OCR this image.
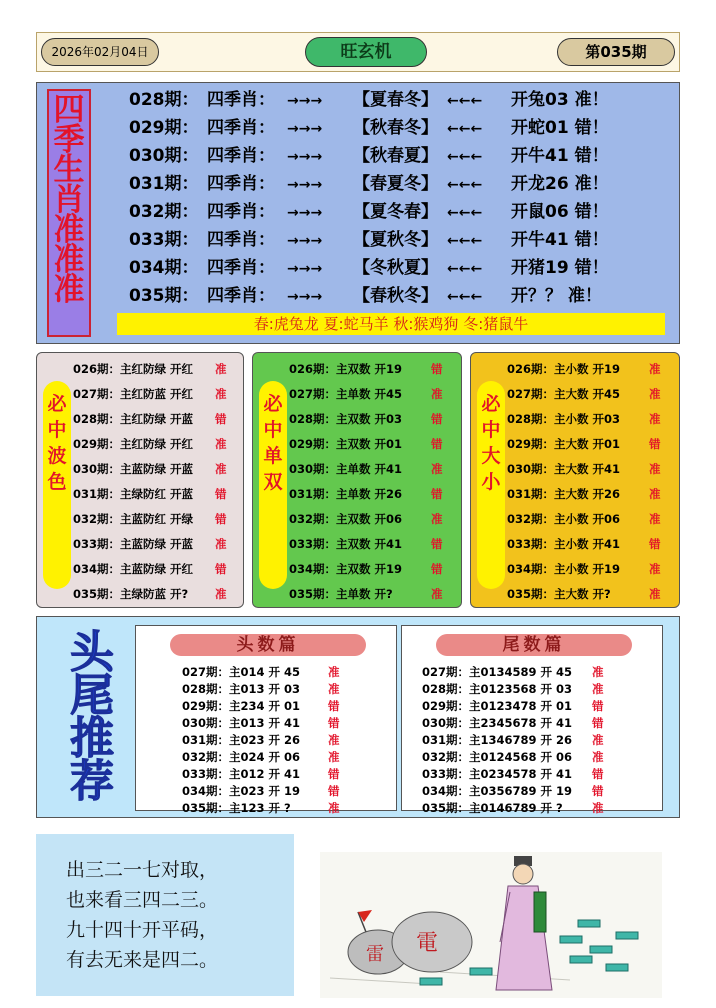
2026年02月04日	旺玄机	第035期
四
季
生
肖
准
准
准
028期： 四季肖： →→→ 【夏春冬】 ←←← 开兔03 准！
029期： 四季肖： →→→ 【秋春冬】 ←←← 开蛇01 错！
030期： 四季肖： →→→ 【秋春夏】 ←←← 开牛41 错！
031期： 四季肖： →→→ 【春夏冬】 ←←← 开龙26 准！
032期： 四季肖： →→→ 【夏冬春】 ←←← 开鼠06 错！
033期： 四季肖： →→→ 【夏秋冬】 ←←← 开牛41 错！
034期： 四季肖： →→→ 【冬秋夏】 ←←← 开猪19 错！
035期： 四季肖： →→→ 【春秋冬】 ←←← 开？？ 准！
春:虎兔龙 夏:蛇马羊 秋:猴鸡狗 冬:猪鼠牛
必
中
波
色
026期：主红防绿 开红 准
027期：主红防蓝 开红 准
028期：主红防绿 开蓝 错
029期：主红防绿 开红 准
030期：主蓝防绿 开蓝 准
031期：主绿防红 开蓝 错
032期：主蓝防红 开绿 错
033期：主蓝防绿 开蓝 准
034期：主蓝防绿 开红 错
035期：主绿防蓝 开? 准
必
中
单
双
026期：主双数 开19	错
027期：主单数 开45	准
028期：主双数 开03	错
029期：主双数 开01	错
030期：主单数 开41	准
031期：主单数 开26	错
032期：主双数 开06	准
033期：主双数 开41	错
034期：主双数 开19	错
035期：主单数 开?	准
必
中
大
小
026期：主小数 开19	准
027期：主大数 开45	准
028期：主小数 开03	准
029期：主大数 开01	错
030期：主大数 开41	准
031期：主大数 开26	准
032期：主小数 开06	准
033期：主小数 开41	错
034期：主小数 开19	准
035期：主大数 开?	准
头
尾
推
荐
头数篇
027期：主014 开 45 准
028期：主013 开 03 准
029期：主234 开 01 错
030期：主013 开 41 错
031期：主023 开 26 准
032期：主024 开 06 准
033期：主012 开 41 错
034期：主023 开 19 错
035期：主123 开 ?	准
尾数篇
027期：主0134589 开 45 准
028期：主0123568 开 03 准
029期：主0123478 开 01 错
030期：主2345678 开 41 错
031期：主1346789 开 26 准
032期：主0124568 开 06 准
033期：主0234578 开 41 错
034期：主0356789 开 19 错
035期：主0146789 开 ?	准
出三二一七对取，
也来看三四二三。
九十四十开平码，
有去无来是四二。	雷 電
